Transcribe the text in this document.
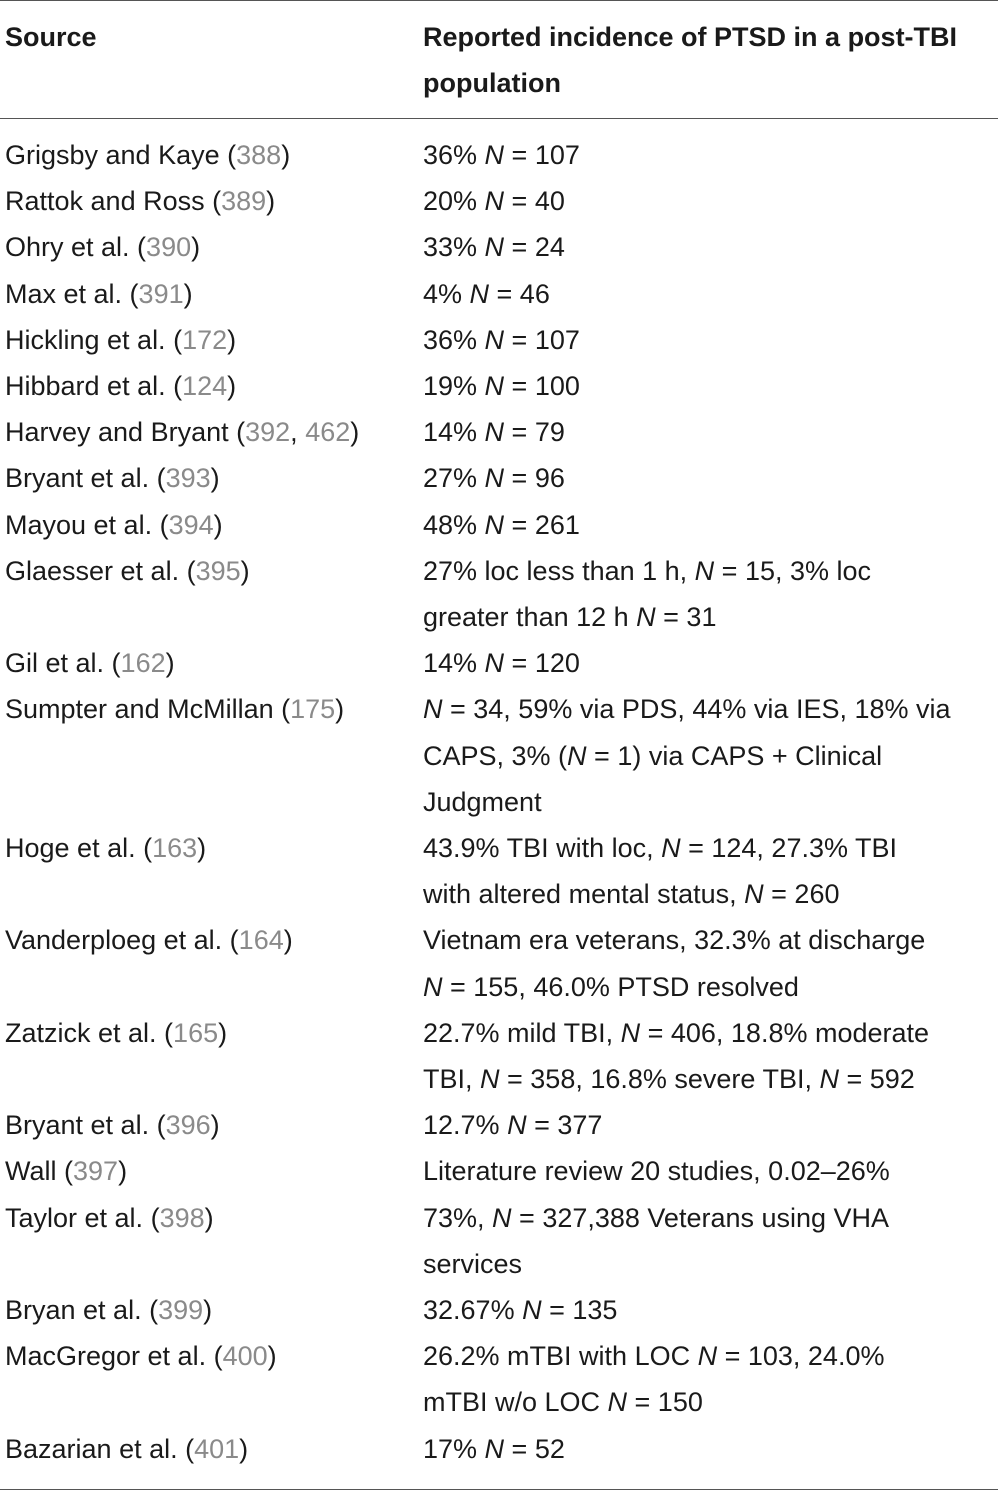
Source	Reported incidence of PTSD in a post-TBI population
Grigsby and Kaye (388)	36% N = 107
Rattok and Ross (389)	20% N = 40
Ohry et al. (390)	33% N = 24
Max et al. (391)	4% N = 46
Hickling et al. (172)	36% N = 107
Hibbard et al. (124)	19% N = 100
Harvey and Bryant (392, 462) 14% N = 79
Bryant et al. (393)	27% N = 96
Mayou et al. (394)	48% N = 261
Glaesser et al. (395)	27% loc less than 1 h, N = 15, 3% loc
greater than 12 h N = 31
Gil et al. (162)	14% N = 120
Sumpter and McMillan (175)	N = 34, 59% via PDS, 44% via IES, 18% via
CAPS, 3% (N = 1) via CAPS + Clinical
Judgment
Hoge et al. (163)	43.9% TBI with loc, N = 124, 27.3% TBI
with altered mental status, N = 260
Vanderploeg et al. (164)	Vietnam era veterans, 32.3% at discharge
N = 155, 46.0% PTSD resolved
Zatzick et al. (165)	22.7% mild TBI, N = 406, 18.8% moderate
TBI, N = 358, 16.8% severe TBI, N = 592
Bryant et al. (396)	12.7% N = 377
Wall (397)	Literature review 20 studies, 0.02–26%
Taylor et al. (398)	73%, N = 327,388 Veterans using VHA
services
Bryan et al. (399)	32.67% N = 135
MacGregor et al. (400)	26.2% mTBI with LOC N = 103, 24.0%
mTBI w/o LOC N = 150
Bazarian et al. (401)	17% N = 52
